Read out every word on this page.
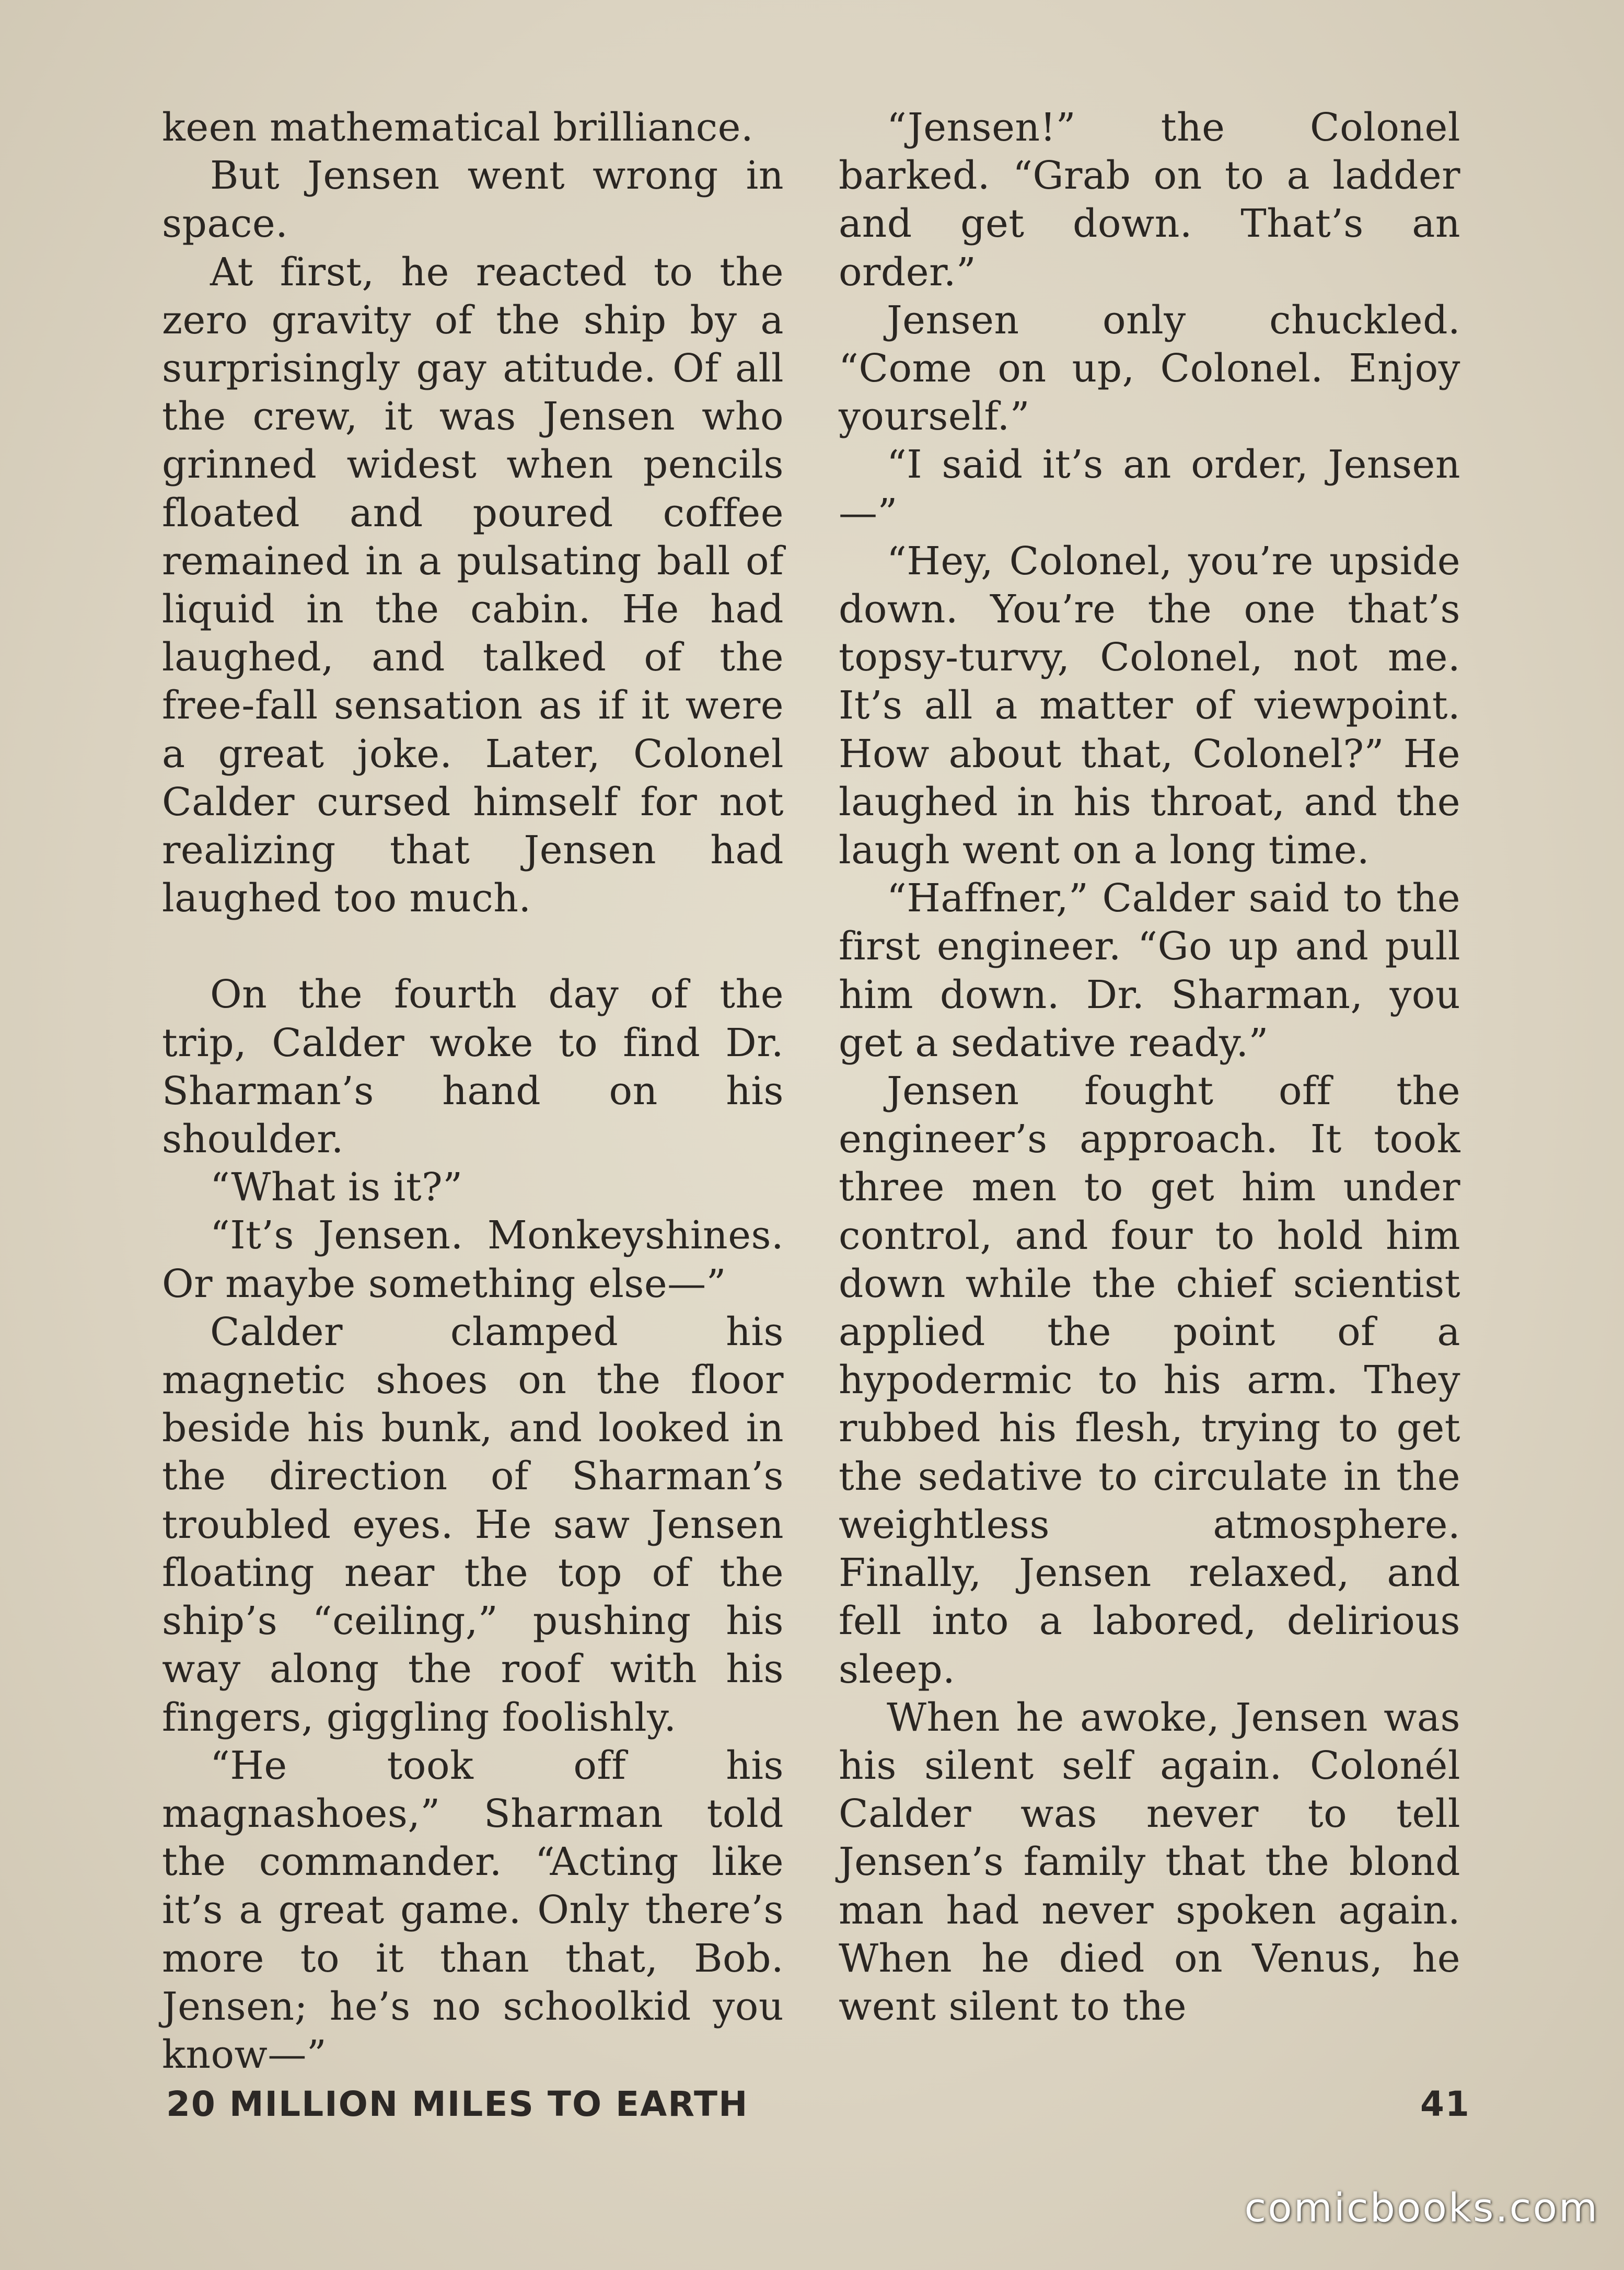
keen mathematical brilliance.

But Jensen went wrong in space.

At first, he reacted to the zero gravity of the ship by a surprisingly gay atitude. Of all the crew, it was Jensen who grinned widest when pencils floated and poured coffee remained in a pulsating ball of liquid in the cabin. He had laughed, and talked of the free-fall sensation as if it were a great joke. Later, Colonel Calder cursed himself for not realizing that Jensen had laughed too much.

On the fourth day of the trip, Calder woke to find Dr. Sharman’s hand on his shoulder.

“What is it?”

“It’s Jensen. Monkeyshines. Or maybe something else—”

Calder clamped his magnetic shoes on the floor beside his bunk, and looked in the direction of Sharman’s troubled eyes. He saw Jensen floating near the top of the ship’s “ceiling,” pushing his way along the roof with his fingers, giggling foolishly.

“He took off his magnashoes,” Sharman told the commander. “Acting like it’s a great game. Only there’s more to it than that, Bob. Jensen; he’s no schoolkid you know—”

“Jensen!” the Colonel barked. “Grab on to a ladder and get down. That’s an order.”

Jensen only chuckled. “Come on up, Colonel. Enjoy yourself.”

“I said it’s an order, Jensen—”

“Hey, Colonel, you’re upside down. You’re the one that’s topsy-turvy, Colonel, not me. It’s all a matter of viewpoint. How about that, Colonel?” He laughed in his throat, and the laugh went on a long time.

“Haffner,” Calder said to the first engineer. “Go up and pull him down. Dr. Sharman, you get a sedative ready.”

Jensen fought off the engineer’s approach. It took three men to get him under control, and four to hold him down while the chief scientist applied the point of a hypodermic to his arm. They rubbed his flesh, trying to get the sedative to circulate in the weightless atmosphere. Finally, Jensen relaxed, and fell into a labored, delirious sleep.

When he awoke, Jensen was his silent self again. Colonél Calder was never to tell Jensen’s family that the blond man had never spoken again. When he died on Venus, he went silent to the

20 MILLION MILES TO EARTH	41
comicbooks.com
